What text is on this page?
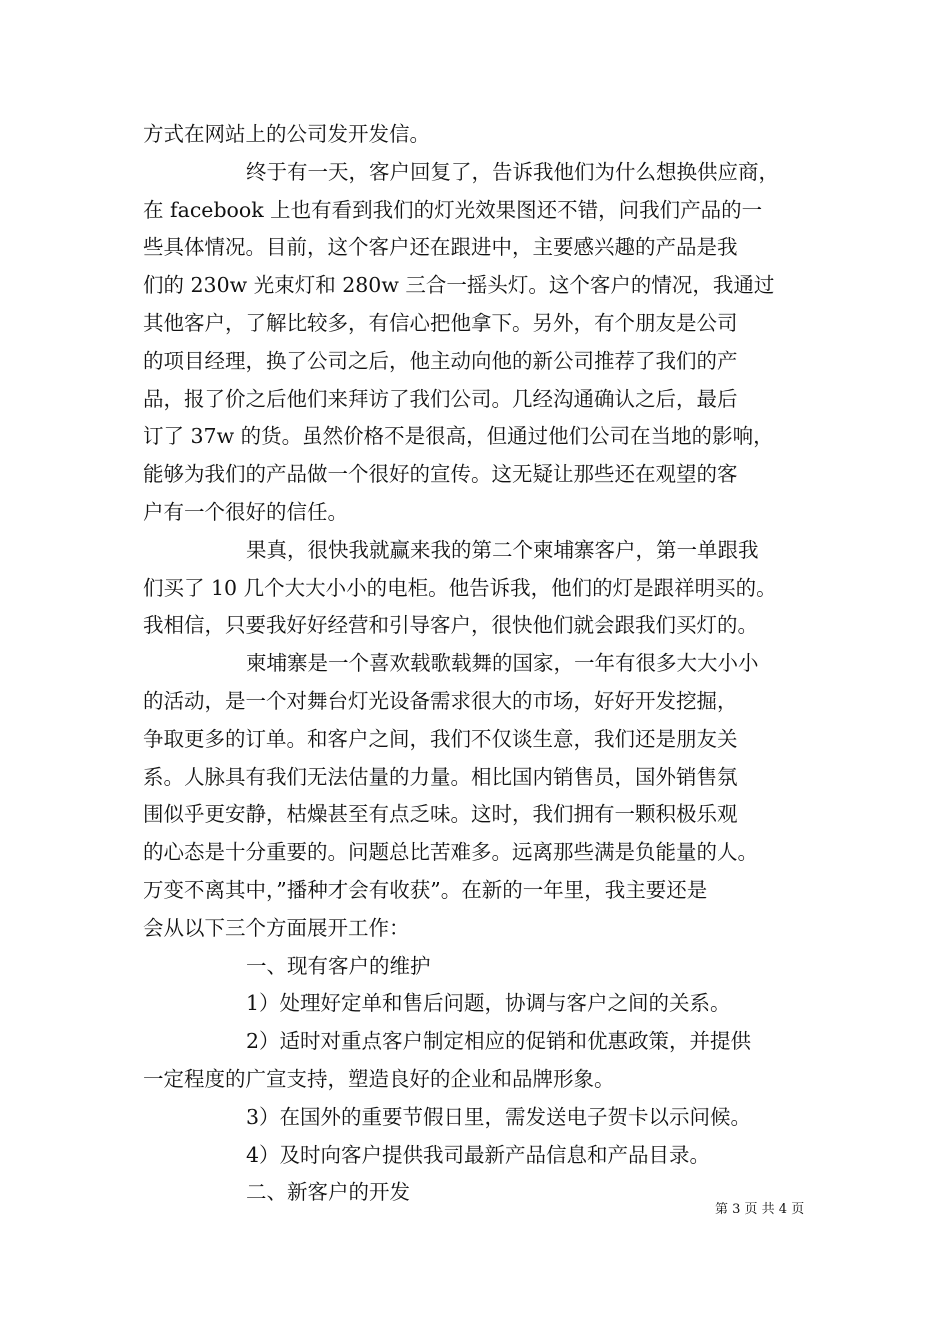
方式在网站上的公司发开发信。
终于有一天，客户回复了，告诉我他们为什么想换供应商，
在 facebook 上也有看到我们的灯光效果图还不错，问我们产品的一
些具体情况。目前，这个客户还在跟进中，主要感兴趣的产品是我
们的 230w 光束灯和 280w 三合一摇头灯。这个客户的情况，我通过
其他客户，了解比较多，有信心把他拿下。另外，有个朋友是公司
的项目经理，换了公司之后，他主动向他的新公司推荐了我们的产
品，报了价之后他们来拜访了我们公司。几经沟通确认之后，最后
订了 37w 的货。虽然价格不是很高，但通过他们公司在当地的影响，
能够为我们的产品做一个很好的宣传。这无疑让那些还在观望的客
户有一个很好的信任。
果真，很快我就赢来我的第二个柬埔寨客户，第一单跟我
们买了 10 几个大大小小的电柜。他告诉我，他们的灯是跟祥明买的。
我相信，只要我好好经营和引导客户，很快他们就会跟我们买灯的。
柬埔寨是一个喜欢载歌载舞的国家，一年有很多大大小小
的活动，是一个对舞台灯光设备需求很大的市场，好好开发挖掘，
争取更多的订单。和客户之间，我们不仅谈生意，我们还是朋友关
系。人脉具有我们无法估量的力量。相比国内销售员，国外销售氛
围似乎更安静，枯燥甚至有点乏味。这时，我们拥有一颗积极乐观
的心态是十分重要的。问题总比苦难多。远离那些满是负能量的人。
万变不离其中，”播种才会有收获”。在新的一年里，我主要还是
会从以下三个方面展开工作：
一、现有客户的维护
1）处理好定单和售后问题，协调与客户之间的关系。
2）适时对重点客户制定相应的促销和优惠政策，并提供
一定程度的广宣支持，塑造良好的企业和品牌形象。
3）在国外的重要节假日里，需发送电子贺卡以示问候。
4）及时向客户提供我司最新产品信息和产品目录。
二、新客户的开发
第 3 页 共 4 页
